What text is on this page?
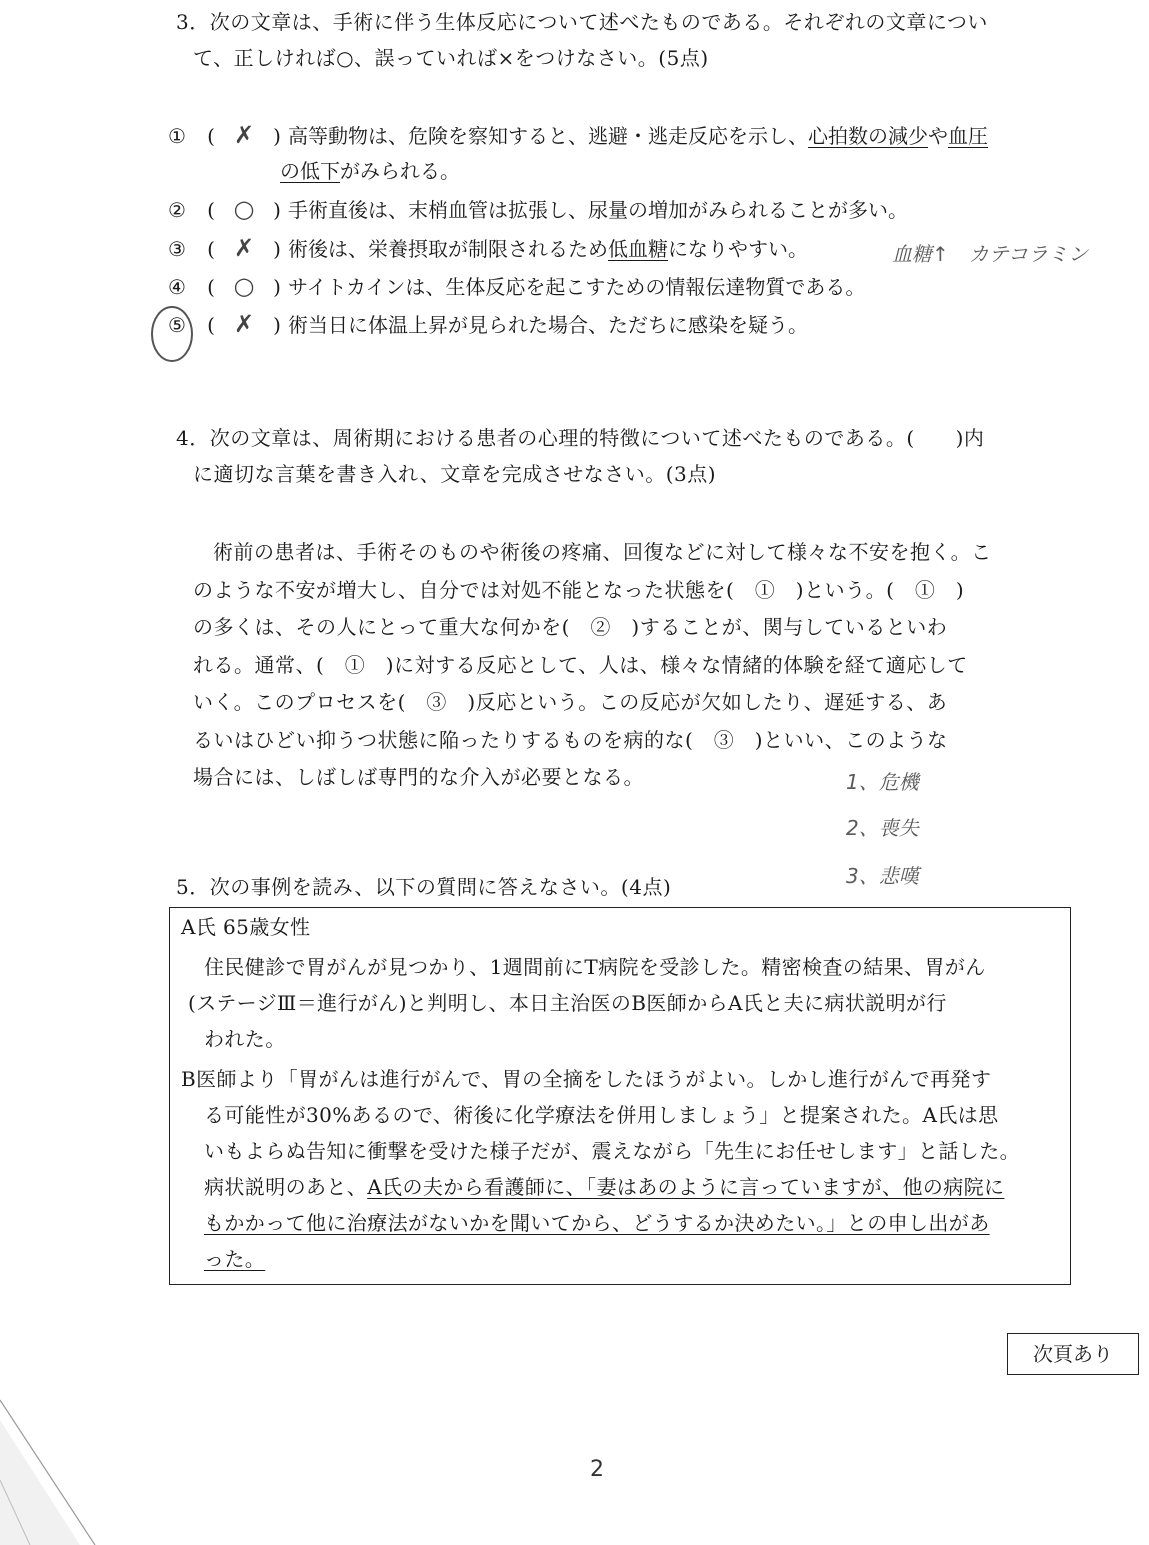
3．次の文章は、手術に伴う生体反応について述べたものである。それぞれの文章につい
て、正しければ○、誤っていれば×をつけなさい。(5点)
① ( ✗ ) 高等動物は、危険を察知すると、逃避・逃走反応を示し、心拍数の減少や血圧
の低下がみられる。
② ( ○ ) 手術直後は、末梢血管は拡張し、尿量の増加がみられることが多い。
③ ( ✗ ) 術後は、栄養摂取が制限されるため低血糖になりやすい。	血糖↑　カテコラミン
④ ( ○ ) サイトカインは、生体反応を起こすための情報伝達物質である。
⑤ ( ✗ ) 術当日に体温上昇が見られた場合、ただちに感染を疑う。
4．次の文章は、周術期における患者の心理的特徴について述べたものである。(　　)内
に適切な言葉を書き入れ、文章を完成させなさい。(3点)
術前の患者は、手術そのものや術後の疼痛、回復などに対して様々な不安を抱く。こ
のような不安が増大し、自分では対処不能となった状態を(　①　)という。(　①　)
の多くは、その人にとって重大な何かを(　②　)することが、関与しているといわ
れる。通常、(　①　)に対する反応として、人は、様々な情緒的体験を経て適応して
いく。このプロセスを(　③　)反応という。この反応が欠如したり、遅延する、あ
るいはひどい抑うつ状態に陥ったりするものを病的な(　③　)といい、このような
場合には、しばしば専門的な介入が必要となる。	1、危機
2、喪失
3、悲嘆
5．次の事例を読み、以下の質問に答えなさい。(4点)
A氏 65歳女性
住民健診で胃がんが見つかり、1週間前にT病院を受診した。精密検査の結果、胃がん
(ステージⅢ＝進行がん)と判明し、本日主治医のB医師からA氏と夫に病状説明が行
われた。
B医師より「胃がんは進行がんで、胃の全摘をしたほうがよい。しかし進行がんで再発す
る可能性が30%あるので、術後に化学療法を併用しましょう」と提案された。A氏は思
いもよらぬ告知に衝撃を受けた様子だが、震えながら「先生にお任せします」と話した。
病状説明のあと、A氏の夫から看護師に、「妻はあのように言っていますが、他の病院に
もかかって他に治療法がないかを聞いてから、どうするか決めたい。」との申し出があ
った。
次頁あり
2
